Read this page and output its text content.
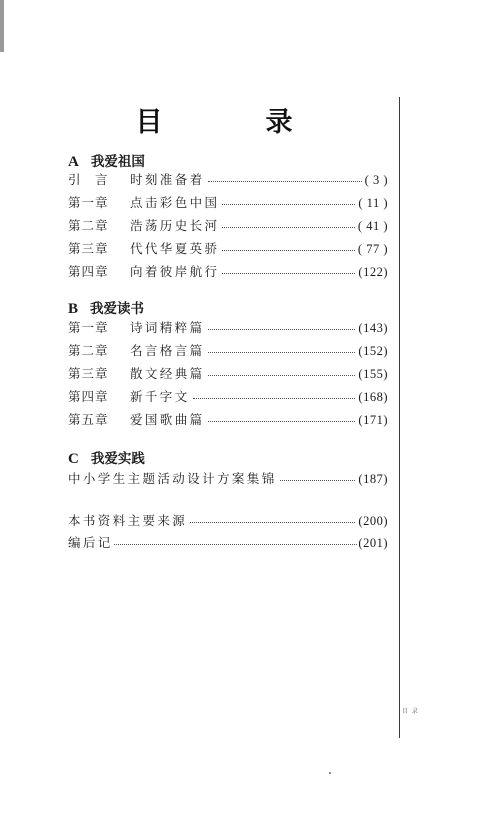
目　录
A 我爱祖国
引　言	时刻准备着	( 3 )
第一章	点击彩色中国	( 11 )
第二章	浩荡历史长河	( 41 )
第三章	代代华夏英骄	( 77 )
第四章	向着彼岸航行	(122)
B 我爱读书
第一章	诗词精粹篇	(143)
第二章	名言格言篇	(152)
第三章	散文经典篇	(155)
第四章	新千字文	(168)
第五章	爱国歌曲篇	(171)
C 我爱实践
中小学生主题活动设计方案集锦	(187)
本书资料主要来源	(200)
编后记	(201)
目 录
